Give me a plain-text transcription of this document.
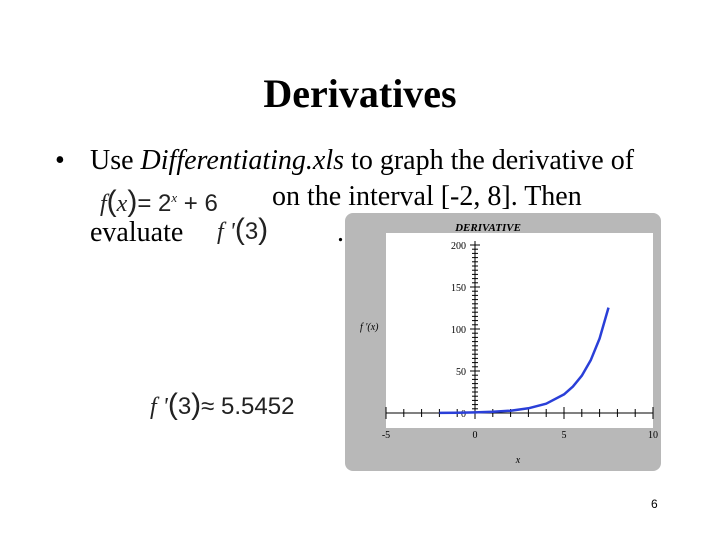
Derivatives
• Use Differentiating.xls to graph the derivative of
$f(x)= 2^x + 6$ on the interval [-2, 8]. Then
evaluate f '(3) .
f '(3)≈ 5.5452
f '(x)
x
0
50
100
150
200
-5	0	5	10
DERIVATIVE
6
